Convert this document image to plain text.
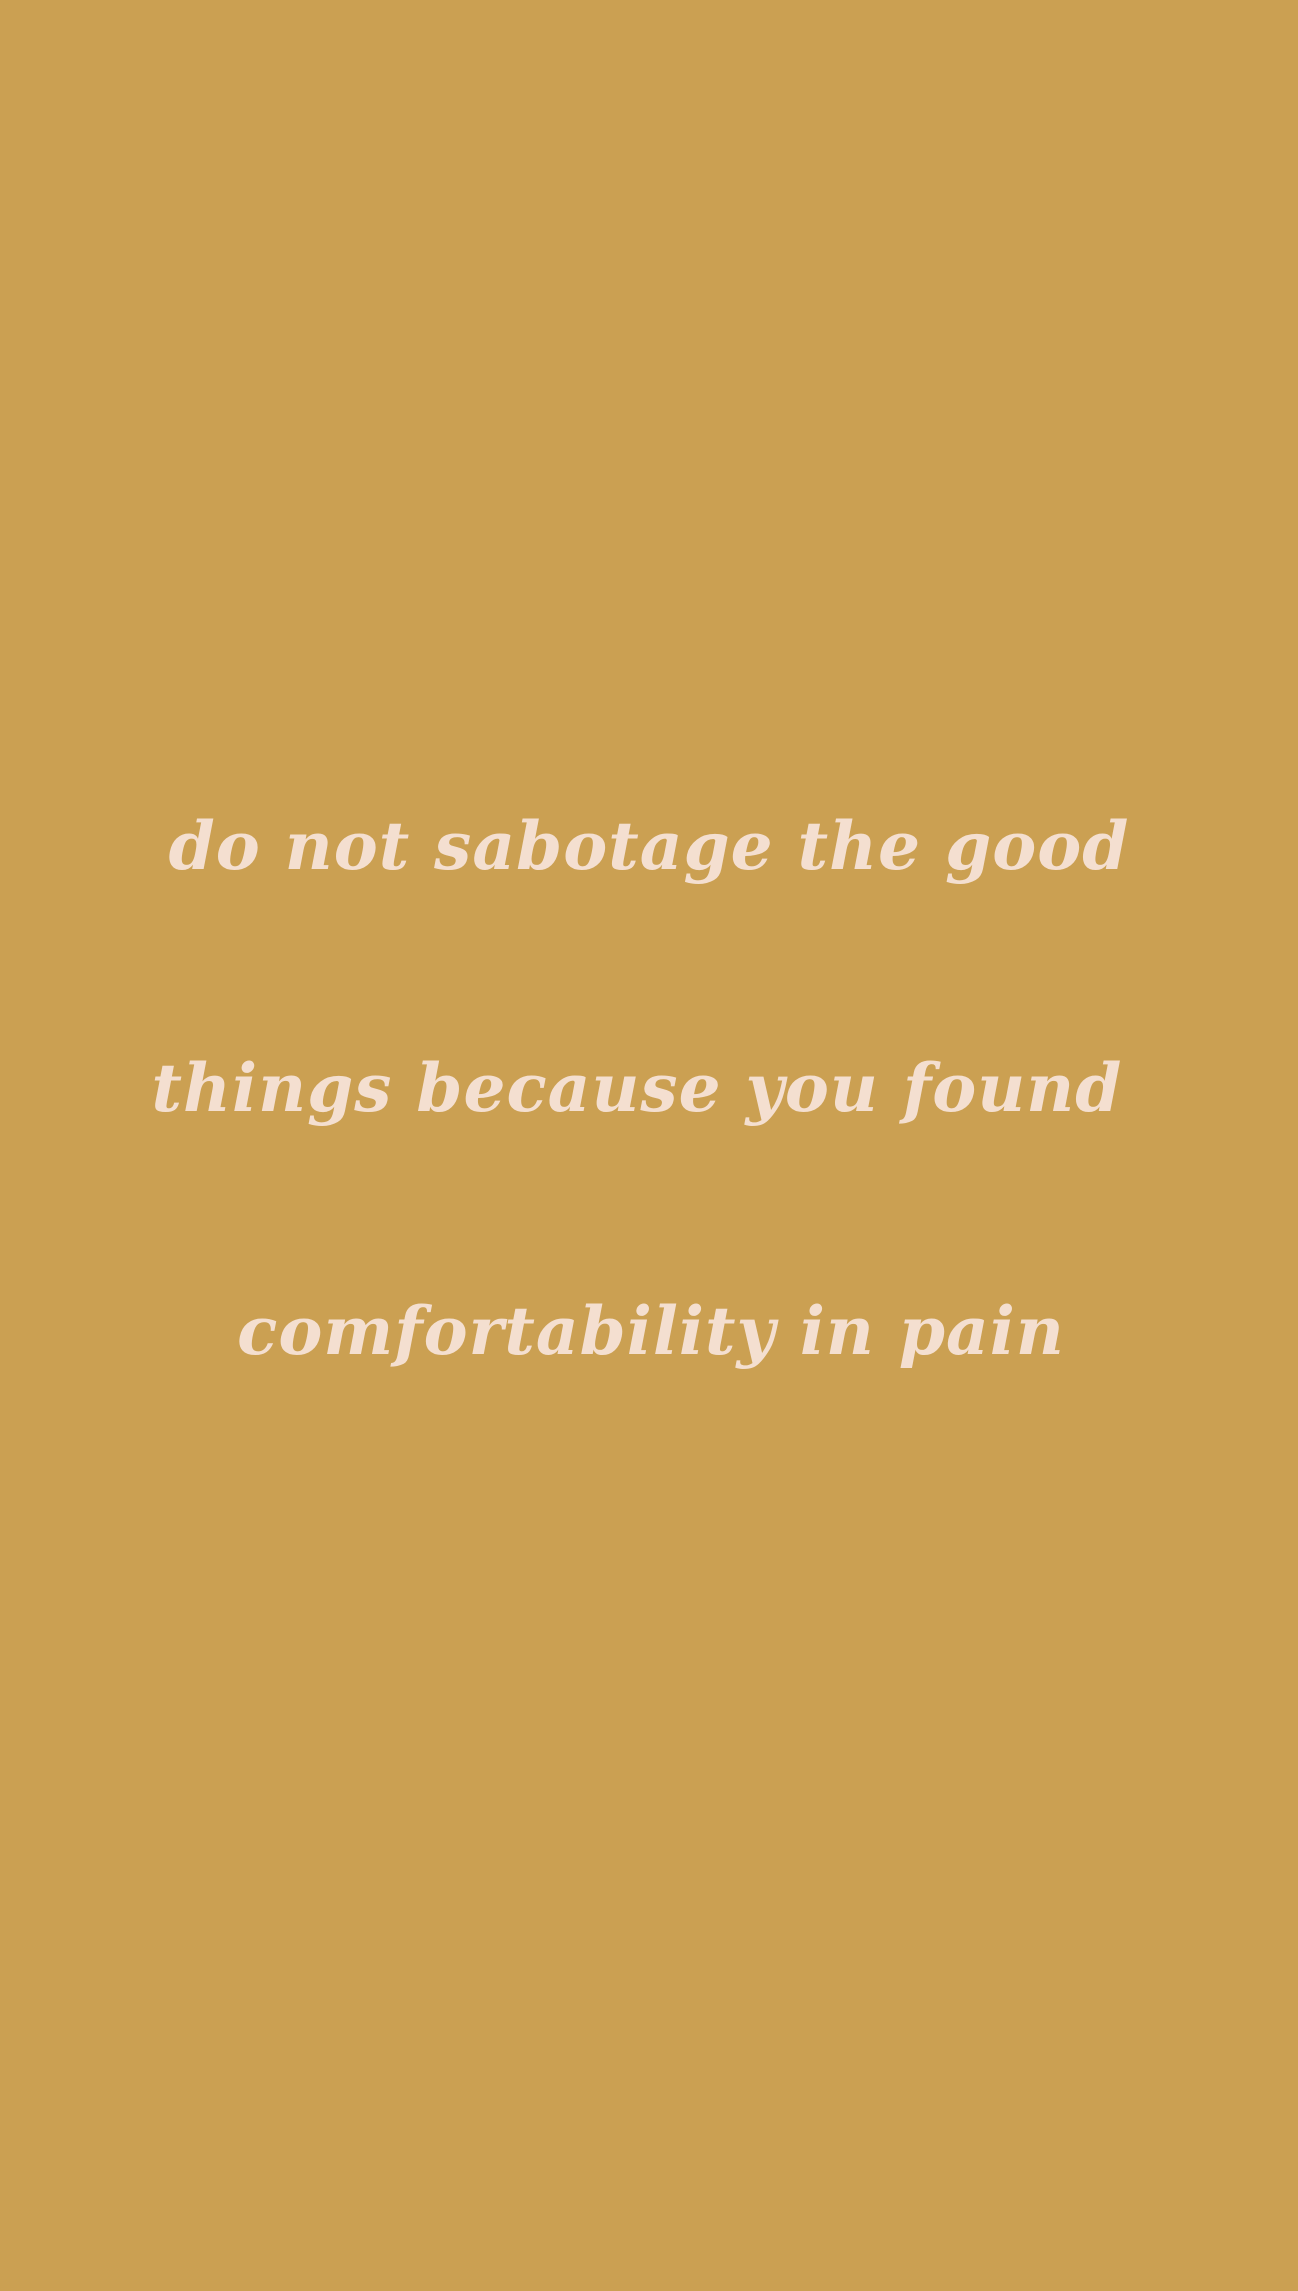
do not sabotage the good
things because you found
comfortability in pain
